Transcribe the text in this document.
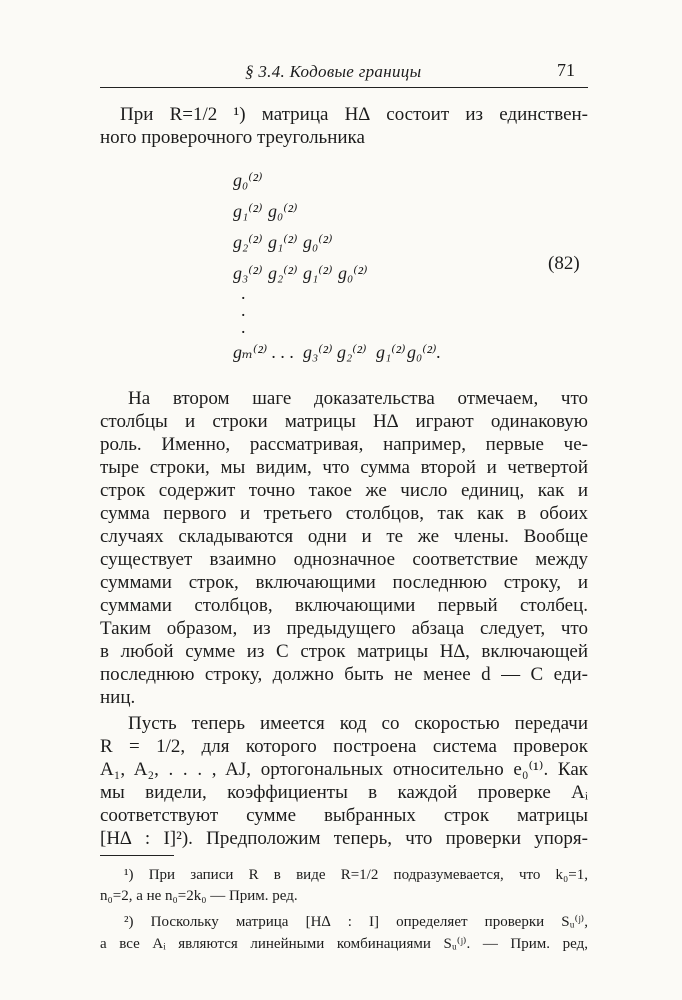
§ 3.4. Кодовые границы	71
При R=1/2 ¹) матрица H∆ состоит из единствен-
ного проверочного треугольника
g₀⁽²⁾
g₁⁽²⁾ g₀⁽²⁾
g₂⁽²⁾ g₁⁽²⁾ g₀⁽²⁾
g₃⁽²⁾ g₂⁽²⁾ g₁⁽²⁾ g₀⁽²⁾
.
.
.
gₘ⁽²⁾ . . . g₃⁽²⁾ g₂⁽²⁾ g₁⁽²⁾ g₀⁽²⁾.
(82)
На втором шаге доказательства отмечаем, что
столбцы и строки матрицы H∆ играют одинаковую
роль. Именно, рассматривая, например, первые че-
тыре строки, мы видим, что сумма второй и четвертой
строк содержит точно такое же число единиц, как и
сумма первого и третьего столбцов, так как в обоих
случаях складываются одни и те же члены. Вообще
существует взаимно однозначное соответствие между
суммами строк, включающими последнюю строку, и
суммами столбцов, включающими первый столбец.
Таким образом, из предыдущего абзаца следует, что
в любой сумме из C строк матрицы H∆, включающей
последнюю строку, должно быть не менее d — C еди-
ниц.
Пусть теперь имеется код со скоростью передачи
R = 1/2, для которого построена система проверок
A₁, A₂, . . . , AJ, ортогональных относительно e₀⁽¹⁾. Как
мы видели, коэффициенты в каждой проверке Aᵢ
соответствуют сумме выбранных строк матрицы
[H∆ : I]²). Предположим теперь, что проверки упоря-
¹) При записи R в виде R=1/2 подразумевается, что k₀=1,
n₀=2, а не n₀=2k₀ — Прим. ред.
²) Поскольку матрица [H∆ : I] определяет проверки Sᵤ⁽ʲ⁾,
а все Aᵢ являются линейными комбинациями Sᵤ⁽ʲ⁾. — Прим. ред,
